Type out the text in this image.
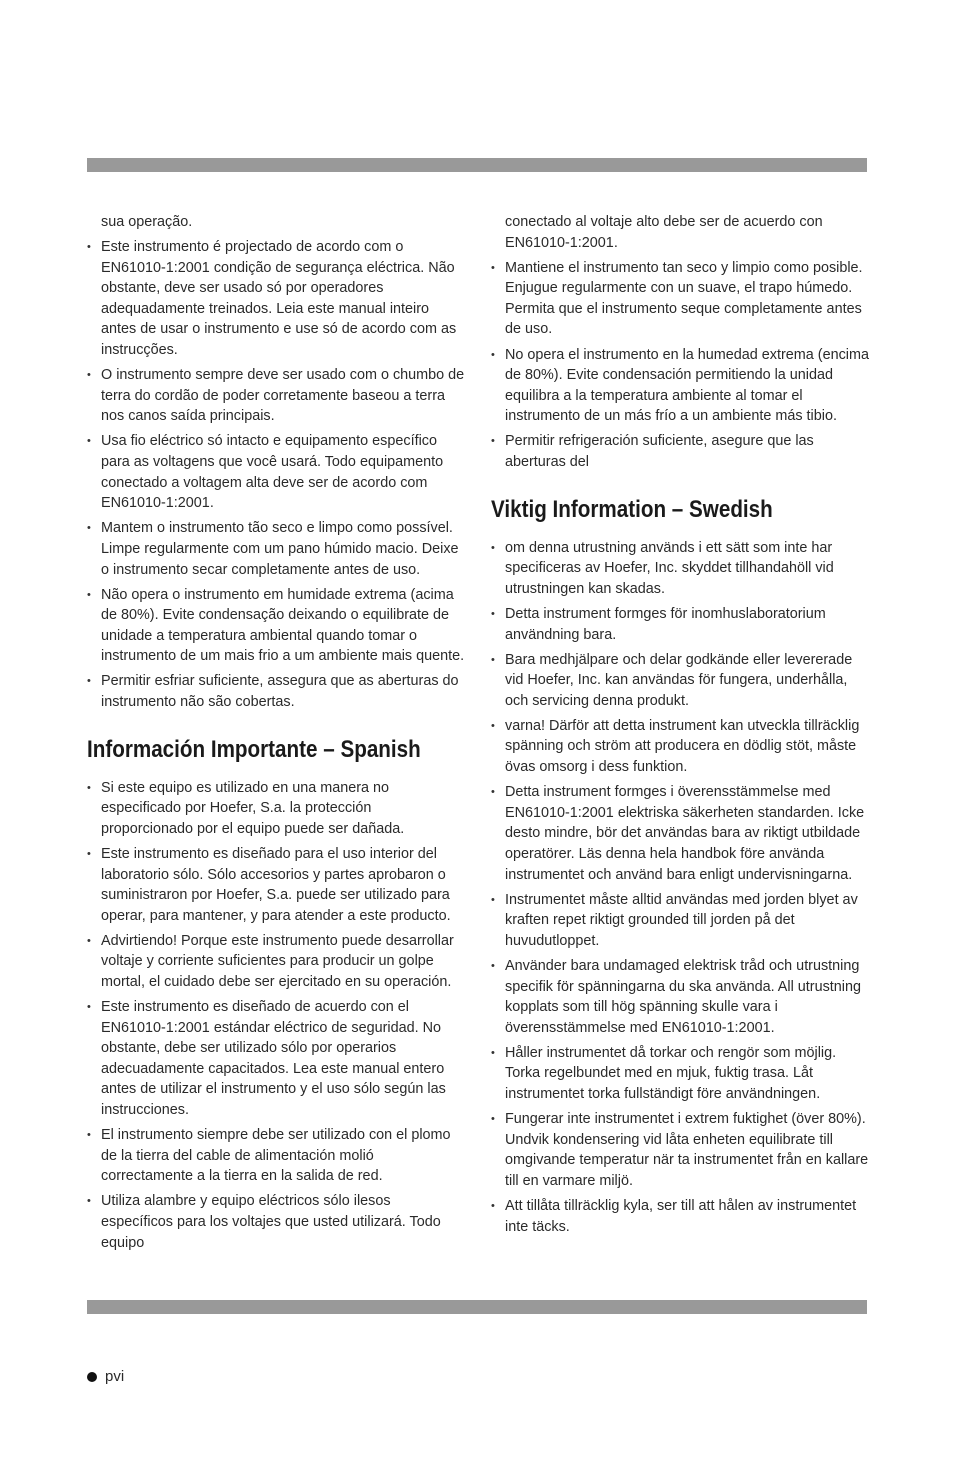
sua operação.

• Este instrumento é projectado de acordo com o EN61010-1:2001 condição de segurança eléctrica. Não obstante, deve ser usado só por operadores adequadamente treinados. Leia este manual inteiro antes de usar o instrumento e use só de acordo com as instrucções.
• O instrumento sempre deve ser usado com o chumbo de terra do cordão de poder corretamente baseou a terra nos canos saída principais.
• Usa fio eléctrico só intacto e equipamento específico para as voltagens que você usará. Todo equipamento conectado a voltagem alta deve ser de acordo com EN61010-1:2001.
• Mantem o instrumento tão seco e limpo como possível. Limpe regularmente com um pano húmido macio. Deixe o instrumento secar completamente antes de uso.
• Não opera o instrumento em humidade extrema (acima de 80%). Evite condensação deixando o equilibrate de unidade a temperatura ambiental quando tomar o instrumento de um mais frio a um ambiente mais quente.
• Permitir esfriar suficiente, assegura que as aberturas do instrumento não são cobertas.
Información Importante – Spanish
• Si este equipo es utilizado en una manera no especificado por Hoefer, S.a. la protección proporcionado por el equipo puede ser dañada.
• Este instrumento es diseñado para el uso interior del laboratorio sólo. Sólo accesorios y partes aprobaron o suministraron por Hoefer, S.a. puede ser utilizado para operar, para mantener, y para atender a este producto.
• Advirtiendo! Porque este instrumento puede desarrollar voltaje y corriente suficientes para producir un golpe mortal, el cuidado debe ser ejercitado en su operación.
• Este instrumento es diseñado de acuerdo con el EN61010-1:2001 estándar eléctrico de seguridad. No obstante, debe ser utilizado sólo por operarios adecuadamente capacitados. Lea este manual entero antes de utilizar el instrumento y el uso sólo según las instrucciones.
• El instrumento siempre debe ser utilizado con el plomo de la tierra del cable de alimentación molió correctamente a la tierra en la salida de red.
• Utiliza alambre y equipo eléctricos sólo ilesos específicos para los voltajes que usted utilizará. Todo equipo

conectado al voltaje alto debe ser de acuerdo con EN61010-1:2001.

• Mantiene el instrumento tan seco y limpio como posible. Enjugue regularmente con un suave, el trapo húmedo. Permita que el instrumento seque completamente antes de uso.
• No opera el instrumento en la humedad extrema (encima de 80%). Evite condensación permitiendo la unidad equilibra a la temperatura ambiente al tomar el instrumento de un más frío a un ambiente más tibio.
• Permitir refrigeración suficiente, asegure que las aberturas del
Viktig Information – Swedish
• om denna utrustning används i ett sätt som inte har specificeras av Hoefer, Inc. skyddet tillhandahöll vid utrustningen kan skadas.
• Detta instrument formges för inomhuslaboratorium användning bara.
• Bara medhjälpare och delar godkände eller levererade vid Hoefer, Inc. kan användas för fungera, underhålla, och servicing denna produkt.
• varna! Därför att detta instrument kan utveckla tillräcklig spänning och ström att producera en dödlig stöt, måste övas omsorg i dess funktion.
• Detta instrument formges i överensstämmelse med EN61010-1:2001 elektriska säkerheten standarden. Icke desto mindre, bör det användas bara av riktigt utbildade operatörer. Läs denna hela handbok före använda instrumentet och använd bara enligt undervisningarna.
• Instrumentet måste alltid användas med jorden blyet av kraften repet riktigt grounded till jorden på det huvudutloppet.
• Använder bara undamaged elektrisk tråd och utrustning specifik för spänningarna du ska använda. All utrustning kopplats som till hög spänning skulle vara i överensstämmelse med EN61010-1:2001.
• Håller instrumentet då torkar och rengör som möjlig. Torka regelbundet med en mjuk, fuktig trasa. Låt instrumentet torka fullständigt före användningen.
• Fungerar inte instrumentet i extrem fuktighet (över 80%). Undvik kondensering vid låta enheten equilibrate till omgivande temperatur när ta instrumentet från en kallare till en varmare miljö.
• Att tillåta tillräcklig kyla, ser till att hålen av instrumentet inte täcks.
pvi
